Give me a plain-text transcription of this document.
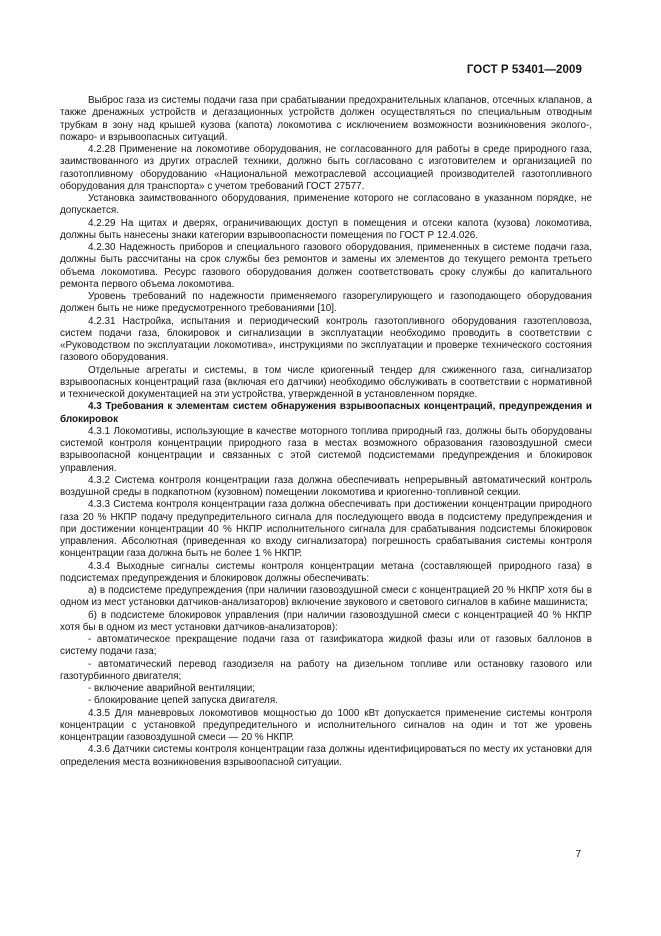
ГОСТ Р 53401—2009

Выброс газа из системы подачи газа при срабатывании предохранительных клапанов, отсечных клапанов, а также дренажных устройств и дегазационных устройств должен осуществляться по специальным отводным трубкам в зону над крышей кузова (капота) локомотива с исключением возможности возникновения эколого-, пожаро- и взрывоопасных ситуаций.

4.2.28 Применение на локомотиве оборудования, не согласованного для работы в среде природного газа, заимствованного из других отраслей техники, должно быть согласовано с изготовителем и организацией по газотопливному оборудованию «Национальной межотраслевой ассоциацией производителей газотопливного оборудования для транспорта» с учетом требований ГОСТ 27577.

Установка заимствованного оборудования, применение которого не согласовано в указанном порядке, не допускается.

4.2.29 На щитах и дверях, ограничивающих доступ в помещения и отсеки капота (кузова) локомотива, должны быть нанесены знаки категории взрывоопасности помещения по ГОСТ Р 12.4.026.

4.2.30 Надежность приборов и специального газового оборудования, примененных в системе подачи газа, должны быть рассчитаны на срок службы без ремонтов и замены их элементов до текущего ремонта третьего объема локомотива. Ресурс газового оборудования должен соответствовать сроку службы до капитального ремонта первого объема локомотива.

Уровень требований по надежности применяемого газорегулирующего и газоподающего оборудования должен быть не ниже предусмотренного требованиями [10].

4.2.31 Настройка, испытания и периодический контроль газотопливного оборудования газотепловоза, систем подачи газа, блокировок и сигнализации в эксплуатации необходимо проводить в соответствии с «Руководством по эксплуатации локомотива», инструкциями по эксплуатации и проверке технического состояния газового оборудования.

Отдельные агрегаты и системы, в том числе криогенный тендер для сжиженного газа, сигнализатор взрывоопасных концентраций газа (включая его датчики) необходимо обслуживать в соответствии с нормативной и технической документацией на эти устройства, утвержденной в установленном порядке.

4.3 Требования к элементам систем обнаружения взрывоопасных концентраций, предупреждения и блокировок

4.3.1 Локомотивы, использующие в качестве моторного топлива природный газ, должны быть оборудованы системой контроля концентрации природного газа в местах возможного образования газовоздушной смеси взрывоопасной концентрации и связанных с этой системой подсистемами предупреждения и блокировок управления.

4.3.2 Система контроля концентрации газа должна обеспечивать непрерывный автоматический контроль воздушной среды в подкапотном (кузовном) помещении локомотива и криогенно-топливной секции.

4.3.3 Система контроля концентрации газа должна обеспечивать при достижении концентрации природного газа 20 % НКПР подачу предупредительного сигнала для последующего ввода в подсистему предупреждения и при достижении концентрации 40 % НКПР исполнительного сигнала для срабатывания подсистемы блокировок управления. Абсолютная (приведенная ко входу сигнализатора) погрешность срабатывания системы контроля концентрации газа должна быть не более 1 % НКПР.

4.3.4 Выходные сигналы системы контроля концентрации метана (составляющей природного газа) в подсистемах предупреждения и блокировок должны обеспечивать:

а) в подсистеме предупреждения (при наличии газовоздушной смеси с концентрацией 20 % НКПР хотя бы в одном из мест установки датчиков-анализаторов) включение звукового и светового сигналов в кабине машиниста;

б) в подсистеме блокировок управления (при наличии газовоздушной смеси с концентрацией 40 % НКПР хотя бы в одном из мест установки датчиков-анализаторов):

- автоматическое прекращение подачи газа от газификатора жидкой фазы или от газовых баллонов в систему подачи газа;

- автоматический перевод газодизеля на работу на дизельном топливе или остановку газового или газотурбинного двигателя;

- включение аварийной вентиляции;

- блокирование цепей запуска двигателя.

4.3.5 Для маневровых локомотивов мощностью до 1000 кВт допускается применение системы контроля концентрации с установкой предупредительного и исполнительного сигналов на один и тот же уровень концентрации газовоздушной смеси — 20 % НКПР.

4.3.6 Датчики системы контроля концентрации газа должны идентифицироваться по месту их установки для определения места возникновения взрывоопасной ситуации.

7
